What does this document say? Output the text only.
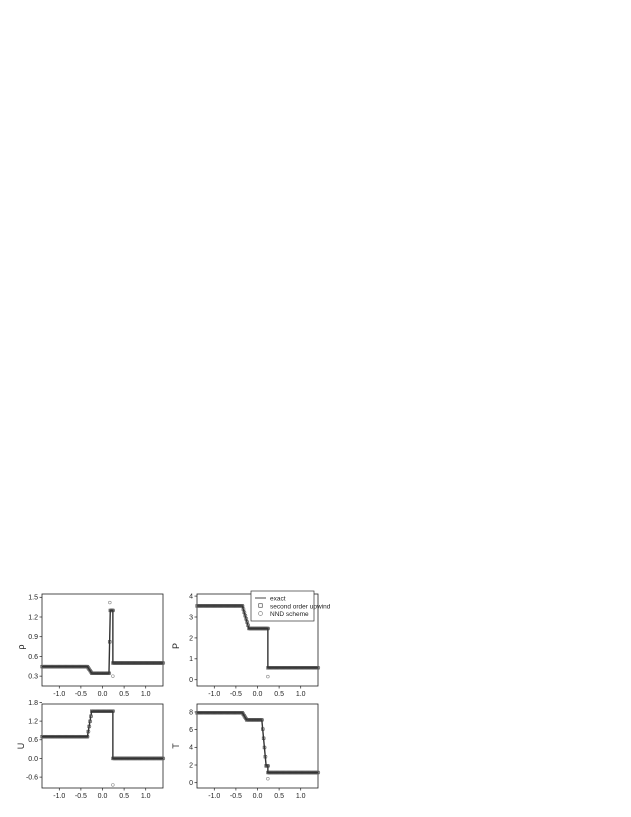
ρ
-1.0 -0.5 0.0 0.5 1.0
0.3
0.6
0.9
1.2
1.5
P
-1.0 -0.5 0.0 0.5 1.0
0
1
2
3
4
U
-1.0 -0.5 0.0 0.5 1.0
-0.6
0.0
0.6
1.2
1.8
T
-1.0 -0.5 0.0 0.5 1.0
0
2
4
6
8
exact
second order upwind
NND scheme
